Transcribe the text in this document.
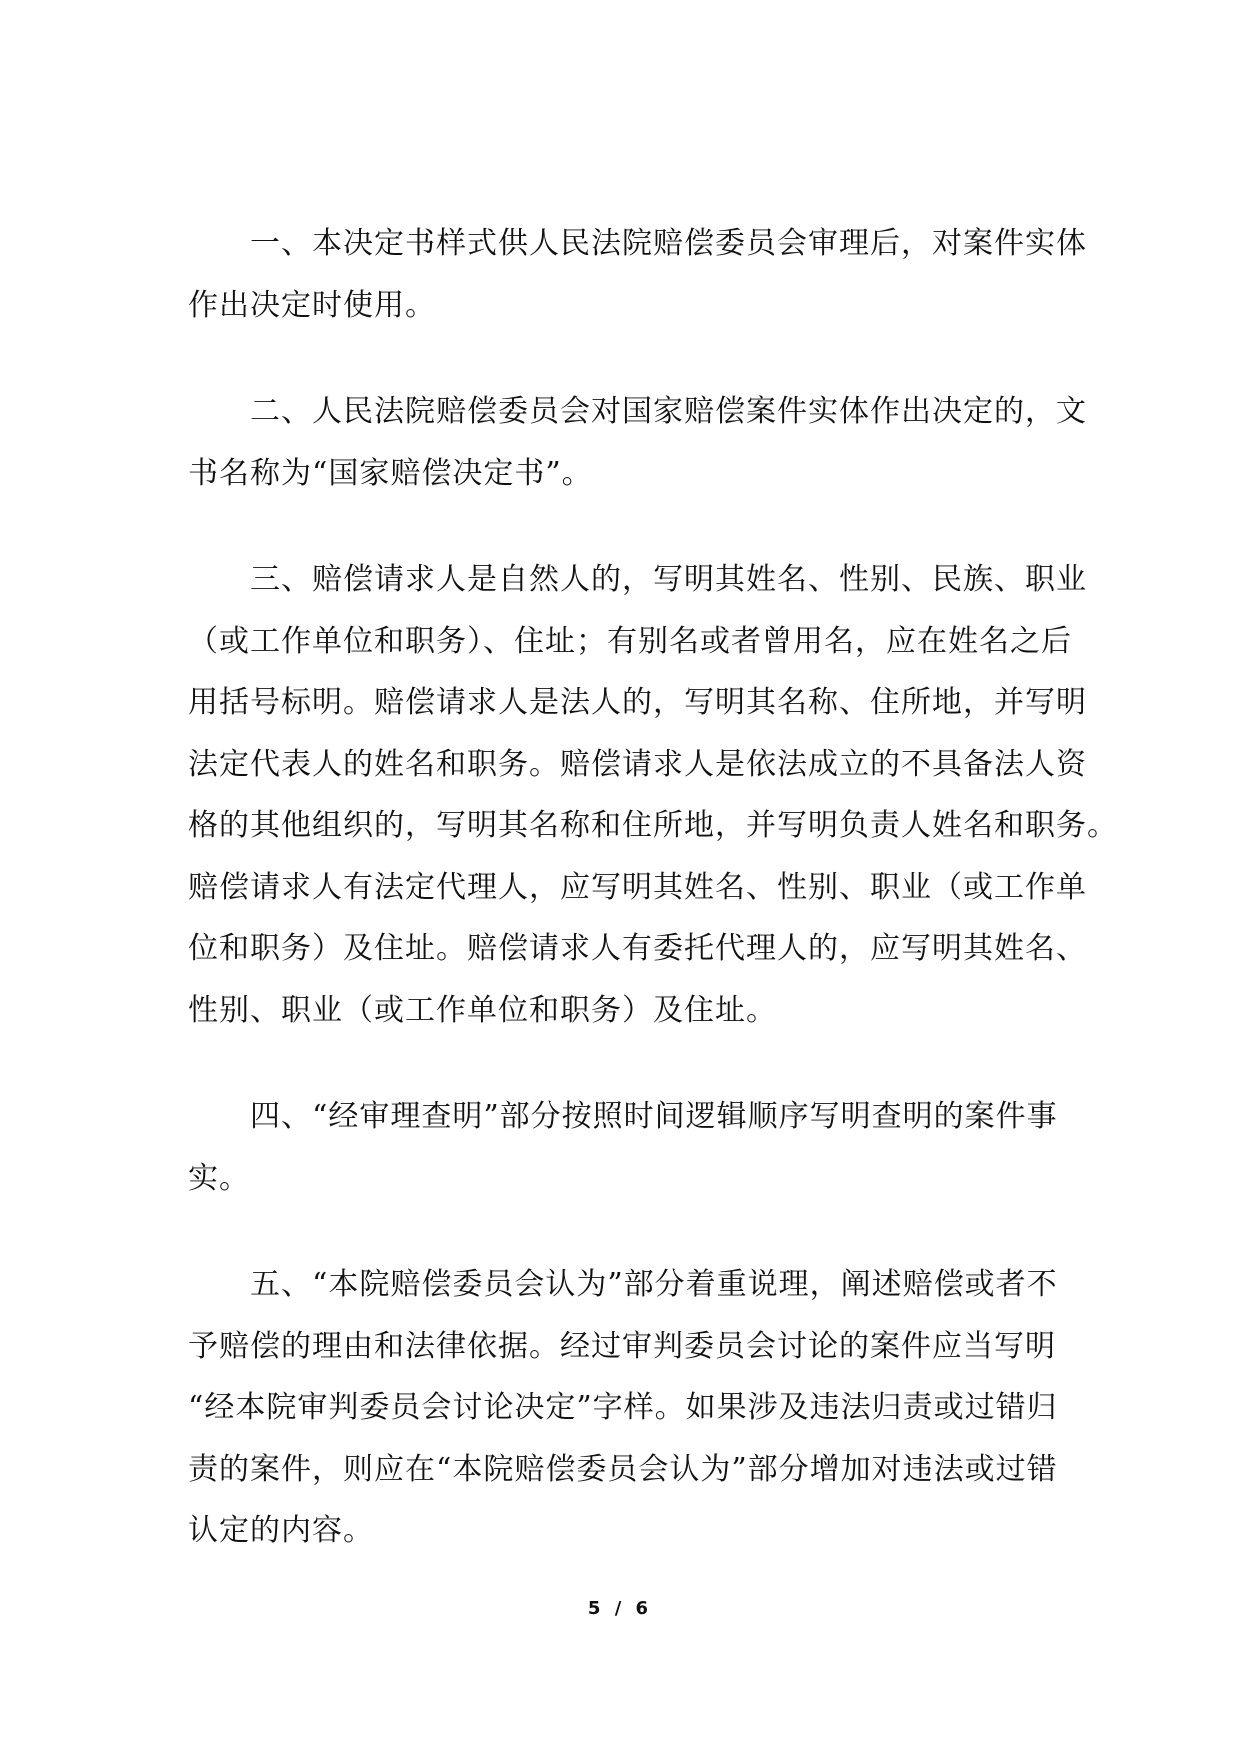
一、本决定书样式供人民法院赔偿委员会审理后，对案件实体
作出决定时使用。
二、人民法院赔偿委员会对国家赔偿案件实体作出决定的，文
书名称为“国家赔偿决定书”。
三、赔偿请求人是自然人的，写明其姓名、性别、民族、职业
（或工作单位和职务）、住址；有别名或者曾用名，应在姓名之后
用括号标明。赔偿请求人是法人的，写明其名称、住所地，并写明
法定代表人的姓名和职务。赔偿请求人是依法成立的不具备法人资
格的其他组织的，写明其名称和住所地，并写明负责人姓名和职务。
赔偿请求人有法定代理人，应写明其姓名、性别、职业（或工作单
位和职务）及住址。赔偿请求人有委托代理人的，应写明其姓名、
性别、职业（或工作单位和职务）及住址。
四、“经审理查明”部分按照时间逻辑顺序写明查明的案件事
实。
五、“本院赔偿委员会认为”部分着重说理，阐述赔偿或者不
予赔偿的理由和法律依据。经过审判委员会讨论的案件应当写明
“经本院审判委员会讨论决定”字样。如果涉及违法归责或过错归
责的案件，则应在“本院赔偿委员会认为”部分增加对违法或过错
认定的内容。
5 / 6
